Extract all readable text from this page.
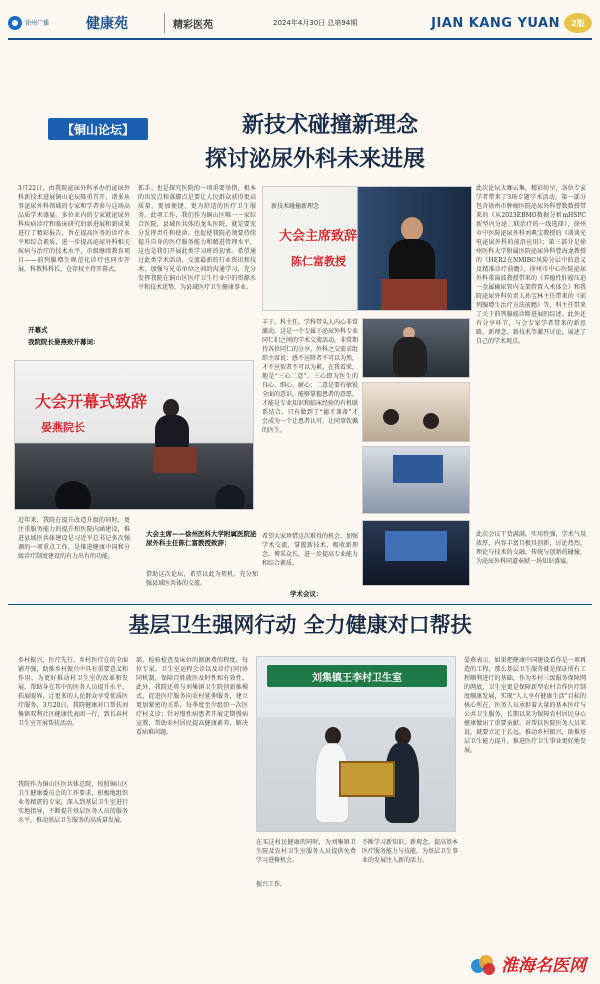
徐州广播	健康苑	精彩医苑	2024年4月30日 总第94期	JIAN KANG YUAN	2版
【铜山论坛】	新技术碰撞新理念
探讨泌尿外科未来进展
3月22日，由我院泌尿外科承办的泌尿外科新技术进展铜山论坛隆重召开，诸多从事泌尿外科领域的专家和学者参与这场高品质学术盛宴。多位业内的专家就泌尿外科疾病诊疗和临床研究的新进展和新成果进行了精彩报告，旨在提高医务的诊疗水平和综合素质，进一步提高泌尿外科相关疾病与治疗的技术水平，市级继续教育项目——前列腺增生规范化诊疗也同步开展，科教科科长、仓存权主持开幕式。
开幕式
我院院长晏燕致开幕词：
抓手。也是探究医院的一项重要举措，根本的出发点和落脚点是要让人民群众获得更高质量、更加便捷、更为舒适的医疗卫生服务。此项工作，我们作为铜山区唯一一家综合医院，县域医共体的龙头医院，就是要充分发挥责任和使命。也促使我院必须要持续提升自身的医疗服务能力和精进管理水平，这也是我们开展此类学习班的初衷。希望通过此类学术活动，交流最新的行业资讯和技术，加强与兄弟单位之间的沟通学习，充分发挥我院在铜山区医疗卫生行业中的资源水平和技术优势，为县域医疗卫生健康事业。
大会开幕式致辞
晏燕院长
近年来，我院在提升改造升级的同时，更注重服务能力的提升和医院内涵建设，推进县域医共体建设是习近平总书记多次强调的一项重点工作，是推进健康中国和分级诊疗制度建设的有力出有的功能。
大会主席——徐州医科大学附属医院泌尿外科主任陈仁富教授致辞：
借助这次论坛，希望以此为契机，充分加强县域医共体的交流。
新技术碰撞新理念
大会主席致辞
陈仁富教授
丰于。科主任，学科带头人内心非常激动。这是一个专属于泌尿外科专业同仁们之间的学术交流活动，非常期待各位同仁的分享。外科之交需求组织主席说：感不应降者不可以为然，才不应似者不可以为累。在我看来，地是“三心二意”。三心即为医生的良心、细心、耐心；二意是要有敏锐全面的意识，能够掌握患者的意愿，才能是专业知识和临床经验的有机联系结合，只有做到了“德才兼备”才会成为一个让患者认可、让同事钦佩的医生。
希望大家珍惜这次难得的机会，加强学术交流，掌握新技术，吸收新理念，博采众长，进一步提高专业能力和综合素质。
学术会议：
此次论坛大咖云集，精彩纷呈，各位专家学者带来了3场专题学术活动。第一部分包含徐州市肿瘤医院泌尿外科曹数数授带来的《从2023EBMO数据分析mHSPC新型内分泌二联治疗的一线选择》，徐州市中医院泌尿外科刘典宝教授的《谈谈光电泌尿外科的前沿应用》；第三部分是徐州医科大学附属医院泌尿外科曹海龙教授的《HER2在NMIBC风险分层中的意义及精准诊疗前瞻》，徐州市中心医院泌尿外科董演波教授带来的《养德性肝癌压迫一金属输尿管内支架管置入术体会》和我院泌尿外科负责人孙宝林主任带来的《前列腺增生治疗方法前瞻》等，科主任带来了关于前列腺癌诊断进展的综述。此外还有分享环节，与会专家学者带来的新思路，新理念、新技术等激开讨论，展述了自己的学术观点。
此次会议干货满满，实用性强，学术气氛浓厚，内容丰富且极具创新，讨论热烈，理论与技术的交融，传统与创新的碰撞，为泌尿外科同道奉献一场知识盛宴。
基层卫生强网行动 全力健康对口帮扶
乡村振兴，医疗先行。乡村医疗在的全面铺开强，助推乡村振兴中具有重要意义和作用。为更好推动村卫生室的改革和发展，帮助身在其中的医务人员提升水平，拓展眼界，让更多的人民群众享受优质医疗服务，3月20日，我院健康对口帮扶刘集镇双利社区健康代表团一行，到长春村卫生室开展帮扶活动。
我院作为铜山区医共体总院，按照铜山区卫生健康委员会的工作要求，积极地组织业务精湛的专家，深入到基层卫生室进行实地指导，不断提升基层医务人员的服务水平，推动基层卫生服务的高质量发展。
部，检验检查及床位的据据费的程度。每位专家，卫生室运程会诊以及诊疗(同)协同机制，保障百姓就医及时性和有效性。此外，我院还将与刘集镇卫生院创新推模式，促进医疗服务向农村延伸服务，建立更加紧密的关系，每季度至少组织一次医疗村义诊；针对慢性病患者开展定期慢病宣教，帮助农村居民提高健康素养，解决看病难问题。
刘集镇王李村卫生室
在买这村民健康的同时，为刘集镇卫生院及农村卫生室服务人员提供免费学习进修机会。
不断学习新知识、新观念，提高基本医疗服务能力与技能，为基层卫生事业的发展注入新的活力。
振兴工作。
晏燕表示，如果把健康中国建设看作是一项再造的工程，那么基层卫生服务就是保证所有工程顺利进行的基础，作为乡村三级服务保障网的网底，卫生室更是保障新型农村合作医疗制度顺康发展，实现“人人享有健康生活”目标的核心所在，医务人员承担着大量的基本医疗与公共卫生服务，长期以来为保障农村居民身心健康做出了重要贡献。对帮扶医院医务人员来说，就要立足于长远，推动乡村振兴，助推基层卫生能力提升，推进医疗卫生事业更好地发展。
淮海名医网
